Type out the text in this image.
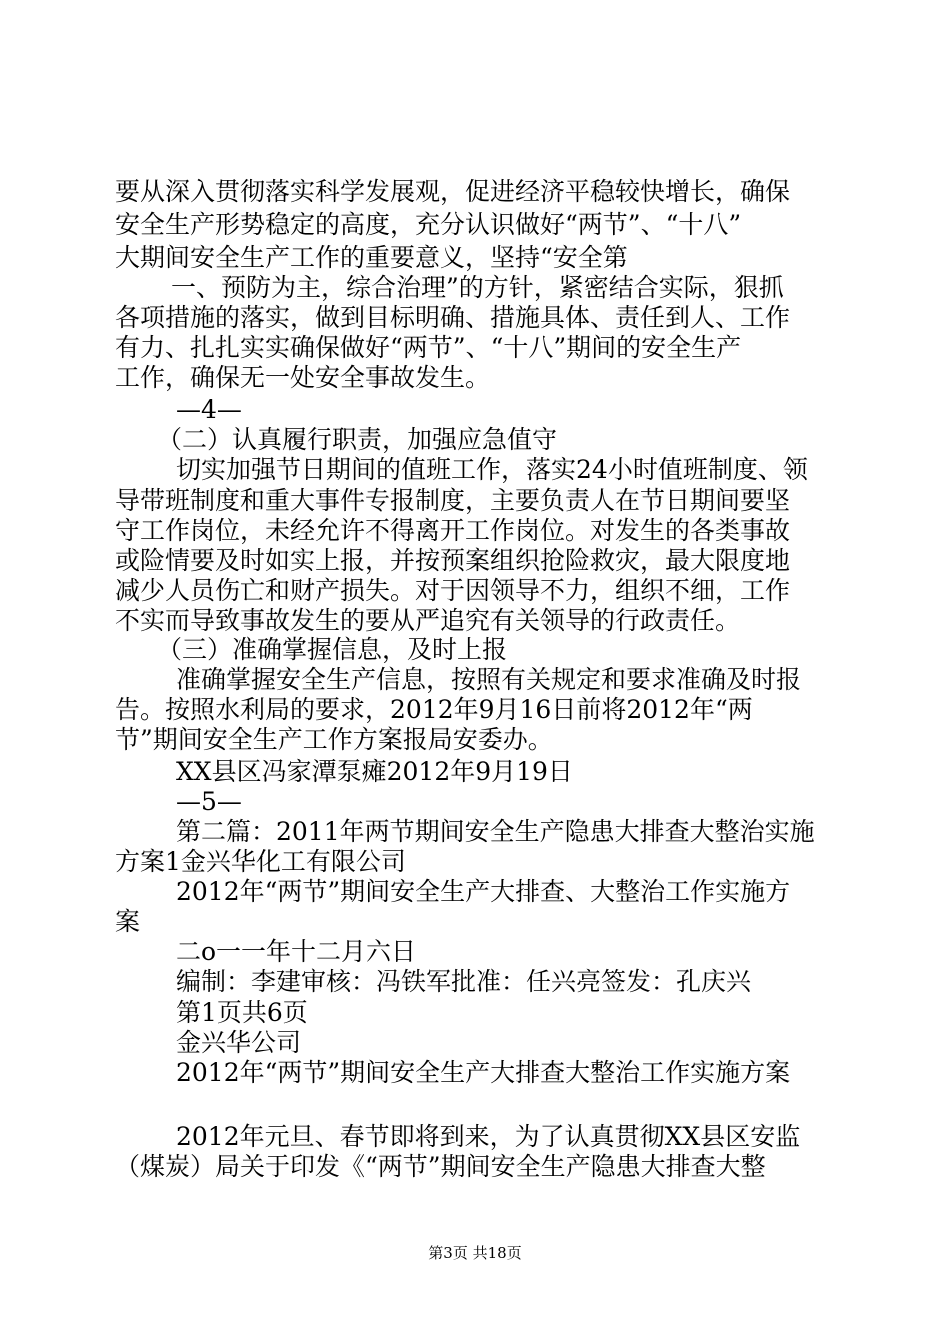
要从深入贯彻落实科学发展观，促进经济平稳较快增长，确保
安全生产形势稳定的高度，充分认识做好“两节”、“十八”
大期间安全生产工作的重要意义，坚持“安全第
一、预防为主，综合治理”的方针，紧密结合实际，狠抓
各项措施的落实，做到目标明确、措施具体、责任到人、工作
有力、扎扎实实确保做好“两节”、“十八”期间的安全生产
工作，确保无一处安全事故发生。
—4—
（二）认真履行职责，加强应急值守
切实加强节日期间的值班工作，落实24小时值班制度、领
导带班制度和重大事件专报制度，主要负责人在节日期间要坚
守工作岗位，未经允许不得离开工作岗位。对发生的各类事故
或险情要及时如实上报，并按预案组织抢险救灾，最大限度地
减少人员伤亡和财产损失。对于因领导不力，组织不细，工作
不实而导致事故发生的要从严追究有关领导的行政责任。
（三）准确掌握信息，及时上报
准确掌握安全生产信息，按照有关规定和要求准确及时报
告。按照水利局的要求，2012年9月16日前将2012年“两
节”期间安全生产工作方案报局安委办。
XX县区冯家潭泵瘫2012年9月19日
—5—
第二篇：2011年两节期间安全生产隐患大排查大整治实施
方案1金兴华化工有限公司
2012年“两节”期间安全生产大排查、大整治工作实施方
案
二o一一年十二月六日
编制：李建审核：冯铁军批准：任兴亮签发：孔庆兴
第1页共6页
金兴华公司
2012年“两节”期间安全生产大排查大整治工作实施方案
2012年元旦、春节即将到来，为了认真贯彻XX县区安监
（煤炭）局关于印发《“两节”期间安全生产隐患大排查大整
第3页 共18页
